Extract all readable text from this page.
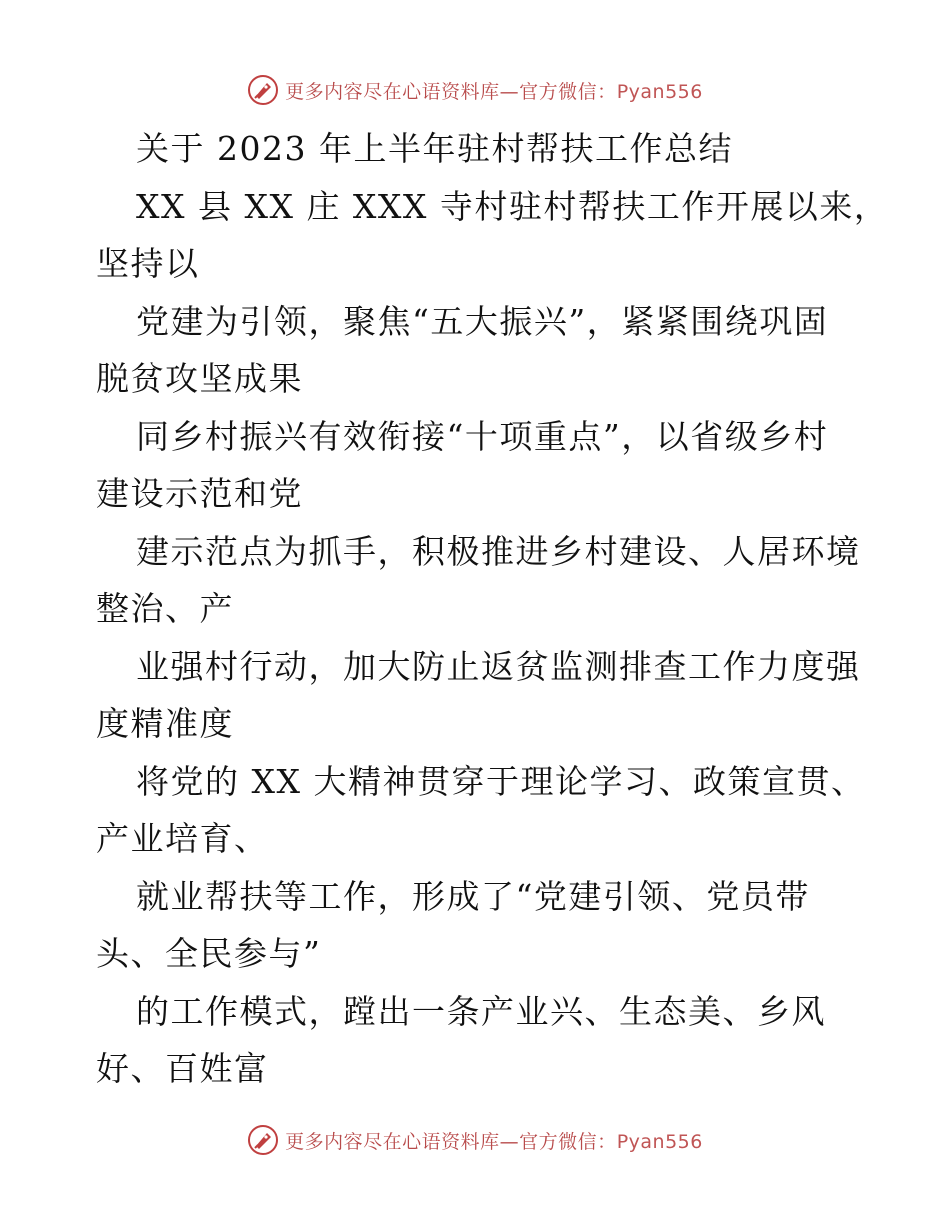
更多内容尽在心语资料库—官方微信：Pyan556
关于 2023 年上半年驻村帮扶工作总结
XX 县 XX 庄 XXX 寺村驻村帮扶工作开展以来，
坚持以
党建为引领，聚焦“五大振兴”，紧紧围绕巩固
脱贫攻坚成果
同乡村振兴有效衔接“十项重点”，以省级乡村
建设示范和党
建示范点为抓手，积极推进乡村建设、人居环境
整治、产
业强村行动，加大防止返贫监测排查工作力度强
度精准度
将党的 XX 大精神贯穿于理论学习、政策宣贯、
产业培育、
就业帮扶等工作，形成了“党建引领、党员带
头、全民参与”
的工作模式，蹚出一条产业兴、生态美、乡风
好、百姓富
更多内容尽在心语资料库—官方微信：Pyan556
